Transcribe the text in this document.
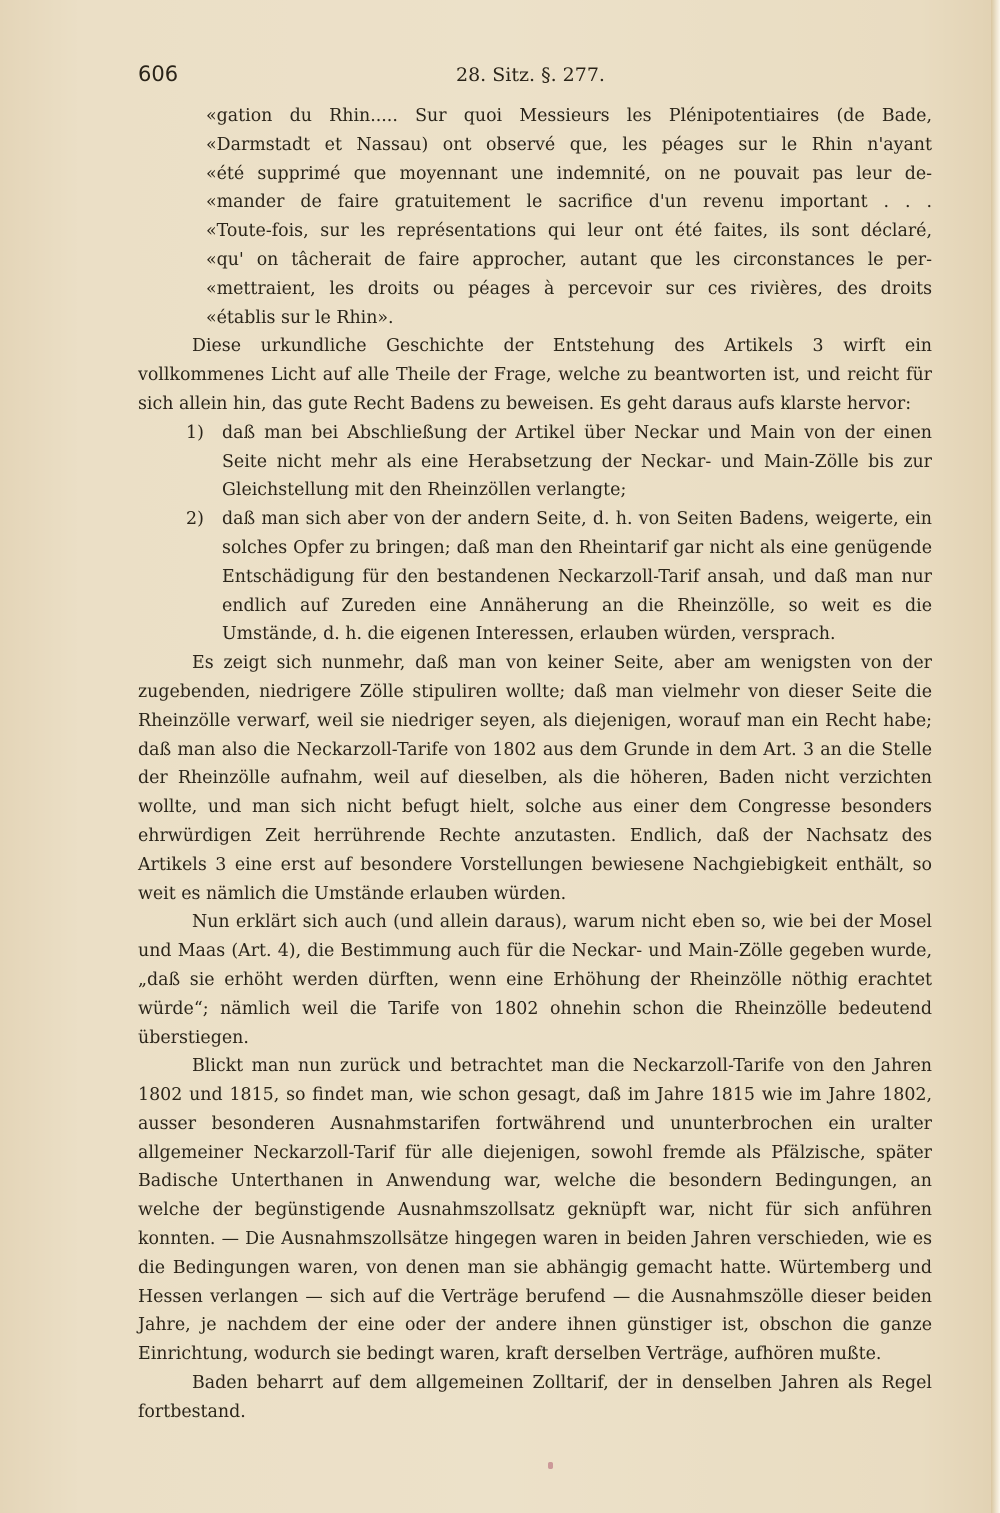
606	28. Sitz. §. 277.
«gation du Rhin..... Sur quoi Messieurs les Plénipotentiaires (de Bade,
«Darmstadt et Nassau) ont observé que, les péages sur le Rhin n'ayant
«été supprimé que moyennant une indemnité, on ne pouvait pas leur de-
«mander de faire gratuitement le sacrifice d'un revenu important . . .
«Toute-fois, sur les représentations qui leur ont été faites, ils sont déclaré,
«qu' on tâcherait de faire approcher, autant que les circonstances le per-
«mettraient, les droits ou péages à percevoir sur ces rivières, des droits
«établis sur le Rhin».

Diese urkundliche Geschichte der Entstehung des Artikels 3 wirft ein vollkommenes Licht auf alle Theile der Frage, welche zu beantworten ist, und reicht für sich allein hin, das gute Recht Badens zu beweisen. Es geht daraus aufs klarste hervor:

1) daß man bei Abschließung der Artikel über Neckar und Main von der einen Seite nicht mehr als eine Herabsetzung der Neckar- und Main-Zölle bis zur Gleichstellung mit den Rheinzöllen verlangte;

2) daß man sich aber von der andern Seite, d. h. von Seiten Badens, weigerte, ein solches Opfer zu bringen; daß man den Rheintarif gar nicht als eine genügende Entschädigung für den bestandenen Neckarzoll-Tarif ansah, und daß man nur endlich auf Zureden eine Annäherung an die Rheinzölle, so weit es die Umstände, d. h. die eigenen Interessen, erlauben würden, versprach.

Es zeigt sich nunmehr, daß man von keiner Seite, aber am wenigsten von der zugebenden, niedrigere Zölle stipuliren wollte; daß man vielmehr von dieser Seite die Rheinzölle verwarf, weil sie niedriger seyen, als diejenigen, worauf man ein Recht habe; daß man also die Neckarzoll-Tarife von 1802 aus dem Grunde in dem Art. 3 an die Stelle der Rheinzölle aufnahm, weil auf dieselben, als die höheren, Baden nicht verzichten wollte, und man sich nicht befugt hielt, solche aus einer dem Congresse besonders ehrwürdigen Zeit herrührende Rechte anzutasten. Endlich, daß der Nachsatz des Artikels 3 eine erst auf besondere Vorstellungen bewiesene Nachgiebigkeit enthält, so weit es nämlich die Umstände erlauben würden.

Nun erklärt sich auch (und allein daraus), warum nicht eben so, wie bei der Mosel und Maas (Art. 4), die Bestimmung auch für die Neckar- und Main-Zölle gegeben wurde, „daß sie erhöht werden dürften, wenn eine Erhöhung der Rheinzölle nöthig erachtet würde“; nämlich weil die Tarife von 1802 ohnehin schon die Rheinzölle bedeutend überstiegen.

Blickt man nun zurück und betrachtet man die Neckarzoll-Tarife von den Jahren 1802 und 1815, so findet man, wie schon gesagt, daß im Jahre 1815 wie im Jahre 1802, ausser besonderen Ausnahmstarifen fortwährend und ununterbrochen ein uralter allgemeiner Neckarzoll-Tarif für alle diejenigen, sowohl fremde als Pfälzische, später Badische Unterthanen in Anwendung war, welche die besondern Bedingungen, an welche der begünstigende Ausnahmszollsatz geknüpft war, nicht für sich anführen konnten. — Die Ausnahmszollsätze hingegen waren in beiden Jahren verschieden, wie es die Bedingungen waren, von denen man sie abhängig gemacht hatte. Würtemberg und Hessen verlangen — sich auf die Verträge berufend — die Ausnahmszölle dieser beiden Jahre, je nachdem der eine oder der andere ihnen günstiger ist, obschon die ganze Einrichtung, wodurch sie bedingt waren, kraft derselben Verträge, aufhören mußte.

Baden beharrt auf dem allgemeinen Zolltarif, der in denselben Jahren als Regel fortbestand.
